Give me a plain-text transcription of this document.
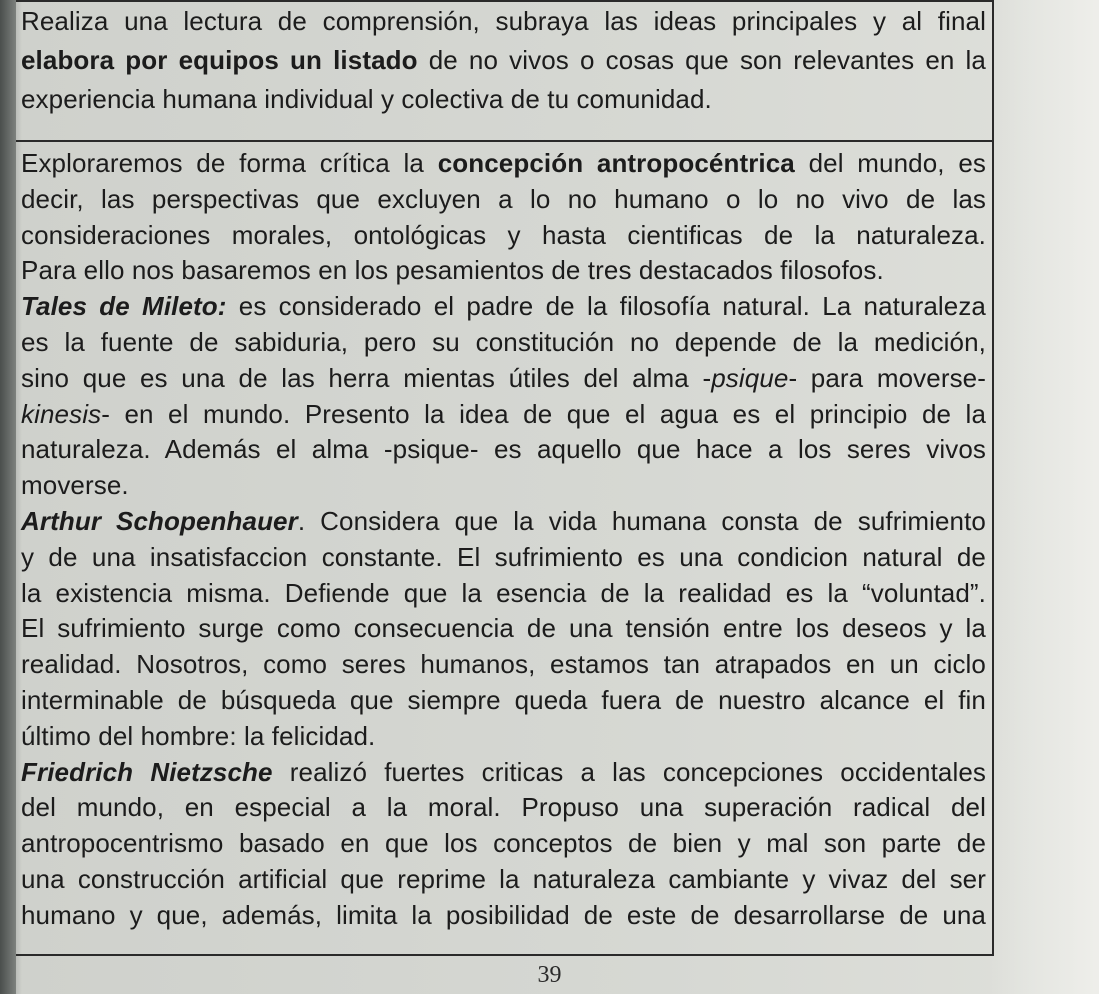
Realiza una lectura de comprensión, subraya las ideas principales y al final
elabora por equipos un listado de no vivos o cosas que son relevantes en la
experiencia humana individual y colectiva de tu comunidad.
Exploraremos de forma crítica la concepción antropocéntrica del mundo, es
decir, las perspectivas que excluyen a lo no humano o lo no vivo de las
consideraciones morales, ontológicas y hasta cientificas de la naturaleza.
Para ello nos basaremos en los pesamientos de tres destacados filosofos.
Tales de Mileto: es considerado el padre de la filosofía natural. La naturaleza
es la fuente de sabiduria, pero su constitución no depende de la medición,
sino que es una de las herra mientas útiles del alma -psique- para moverse-
kinesis- en el mundo. Presento la idea de que el agua es el principio de la
naturaleza. Además el alma -psique- es aquello que hace a los seres vivos
moverse.
Arthur Schopenhauer. Considera que la vida humana consta de sufrimiento
y de una insatisfaccion constante. El sufrimiento es una condicion natural de
la existencia misma. Defiende que la esencia de la realidad es la “voluntad”.
El sufrimiento surge como consecuencia de una tensión entre los deseos y la
realidad. Nosotros, como seres humanos, estamos tan atrapados en un ciclo
interminable de búsqueda que siempre queda fuera de nuestro alcance el fin
último del hombre: la felicidad.
Friedrich Nietzsche realizó fuertes criticas a las concepciones occidentales
del mundo, en especial a la moral. Propuso una superación radical del
antropocentrismo basado en que los conceptos de bien y mal son parte de
una construcción artificial que reprime la naturaleza cambiante y vivaz del ser
humano y que, además, limita la posibilidad de este de desarrollarse de una
39
